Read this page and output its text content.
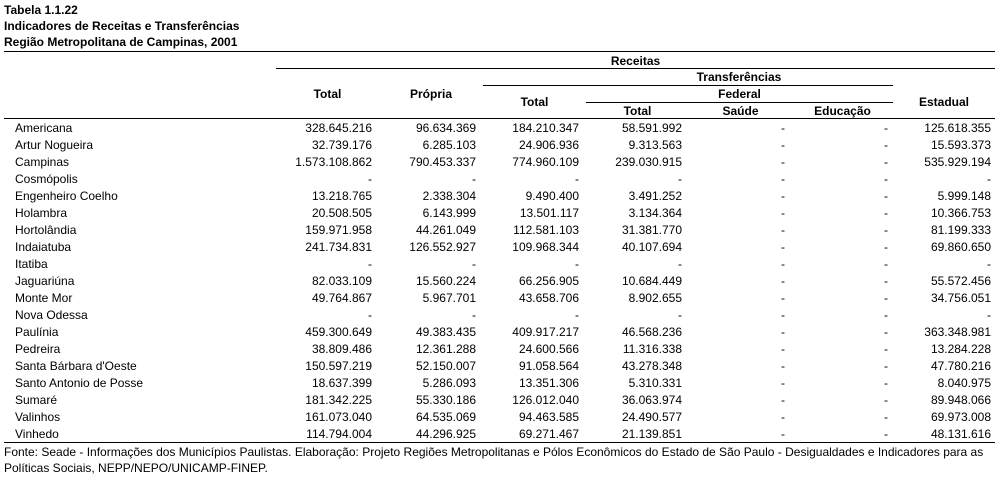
Tabela 1.1.22
Indicadores de Receitas e Transferências
Região Metropolitana de Campinas, 2001
Receitas
Total	Própria
Transferências
Total
Federal
Total	Saúde	Educação
Estadual
Americana	328.645.216	96.634.369	184.210.347	58.591.992	-	-	125.618.355
Artur Nogueira	32.739.176	6.285.103	24.906.936	9.313.563	-	-	15.593.373
Campinas	1.573.108.862	790.453.337	774.960.109	239.030.915	-	-	535.929.194
Cosmópolis	-	-	-	-	-	-	-
Engenheiro Coelho	13.218.765	2.338.304	9.490.400	3.491.252	-	-	5.999.148
Holambra	20.508.505	6.143.999	13.501.117	3.134.364	-	-	10.366.753
Hortolândia	159.971.958	44.261.049	112.581.103	31.381.770	-	-	81.199.333
Indaiatuba	241.734.831	126.552.927	109.968.344	40.107.694	-	-	69.860.650
Itatiba	-	-	-	-	-	-	-
Jaguariúna	82.033.109	15.560.224	66.256.905	10.684.449	-	-	55.572.456
Monte Mor	49.764.867	5.967.701	43.658.706	8.902.655	-	-	34.756.051
Nova Odessa	-	-	-	-	-	-	-
Paulínia	459.300.649	49.383.435	409.917.217	46.568.236	-	-	363.348.981
Pedreira	38.809.486	12.361.288	24.600.566	11.316.338	-	-	13.284.228
Santa Bárbara d'Oeste	150.597.219	52.150.007	91.058.564	43.278.348	-	-	47.780.216
Santo Antonio de Posse	18.637.399	5.286.093	13.351.306	5.310.331	-	-	8.040.975
Sumaré	181.342.225	55.330.186	126.012.040	36.063.974	-	-	89.948.066
Valinhos	161.073.040	64.535.069	94.463.585	24.490.577	-	-	69.973.008
Vinhedo	114.794.004	44.296.925	69.271.467	21.139.851	-	-	48.131.616
Fonte: Seade - Informações dos Municípios Paulistas. Elaboração: Projeto Regiões Metropolitanas e Pólos Econômicos do Estado de São Paulo - Desigualdades e Indicadores para as Políticas Sociais, NEPP/NEPO/UNICAMP-FINEP.
